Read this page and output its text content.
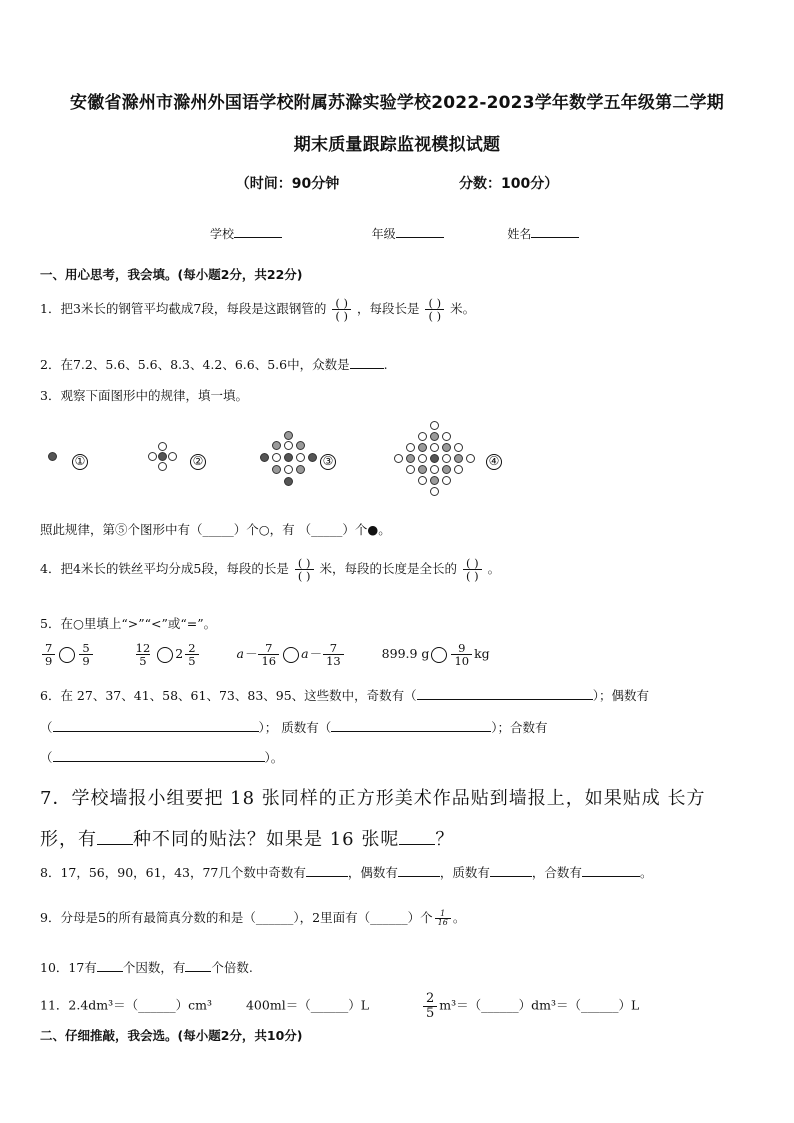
安徽省滁州市滁州外国语学校附属苏滁实验学校2022-2023学年数学五年级第二学期
期末质量跟踪监视模拟试题
（时间：90分钟	分数：100分）
学校	年级	姓名
一、用心思考，我会填。(每小题2分，共22分)
1．把3米长的钢管平均截成7段，每段是这跟钢管的 $\frac{( )}{( )}$ ，每段长是 $\frac{( )}{( )}$ 米。
2．在7.2、5.6、5.6、8.3、4.2、6.6、5.6中，众数是	.
3．观察下面图形中的规律，填一填。
①	②	③	④
照此规律，第⑤个图形中有（_____）个○，有 （_____）个●。
4．把4米长的铁丝平均分成5段，每段的长是 $\frac{( )}{( )}$ 米，每段的长度是全长的 $\frac{( )}{( )}$ 。
5．在○里填上“>”“<”或“=”。
$\frac{7}{9} \frac{5}{9}$
	$\frac{12}{5} 2 \frac{2}{5}$	$a- \frac{7}{16} a- \frac{7}{13}$	899.9 g $\frac{9}{10}$ kg
6．在 27、37、41、58、61、73、83、95、这些数中，奇数有（	）；偶数有
（	）； 质数有（	）；合数有
（	）。
7．学校墙报小组要把 18 张同样的正方形美术作品贴到墙报上，如果贴成 长方
形，有 种不同的贴法？如果是 16 张呢 ？
8．17，56，90，61，43，77几个数中奇数有	，偶数有	，质数有	，合数有	。
9．分母是5的所有最简真分数的和是（______），2里面有（______）个 $\frac{1}{16}$ 。
10．17有 个因数，有 个倍数.
11．2.4dm³＝（______）cm³	400ml＝（______）L	$\frac{2}{5}$ m³＝（______）dm³＝（______）L
二、仔细推敲，我会选。(每小题2分，共10分)
